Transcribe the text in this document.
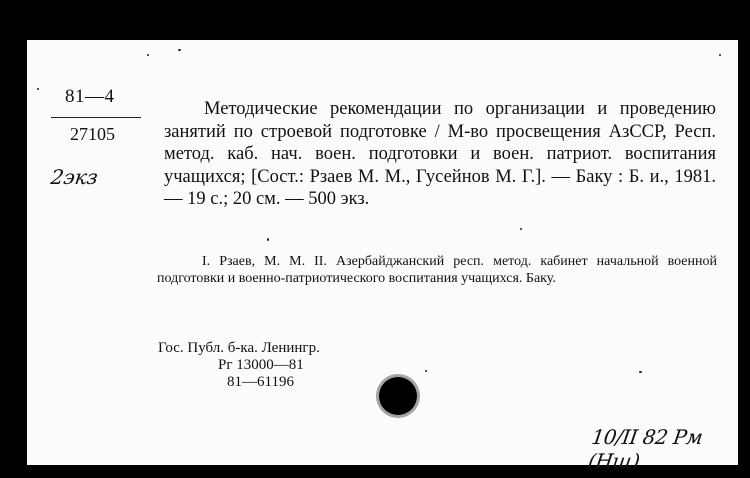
81—4
27105
2экз
Методические рекомендации по организации и проведению занятий по строевой подготовке / М-во просвещения АзССР, Респ. метод. каб. нач. воен. подготовки и воен. патриот. воспитания учащихся; [Сост.: Рзаев М. М., Гусейнов М. Г.]. — Баку : Б. и., 1981. — 19 с.; 20 см. — 500 экз.
I. Рзаев, М. М. II. Азербайджанский респ. метод. кабинет начальной военной подготовки и военно-патриотического воспитания учащихся. Баку.
Гос. Публ. б-ка. Ленингр.
Рг 13000—81
81—61196
10/II 82 Рм (Нщ)
